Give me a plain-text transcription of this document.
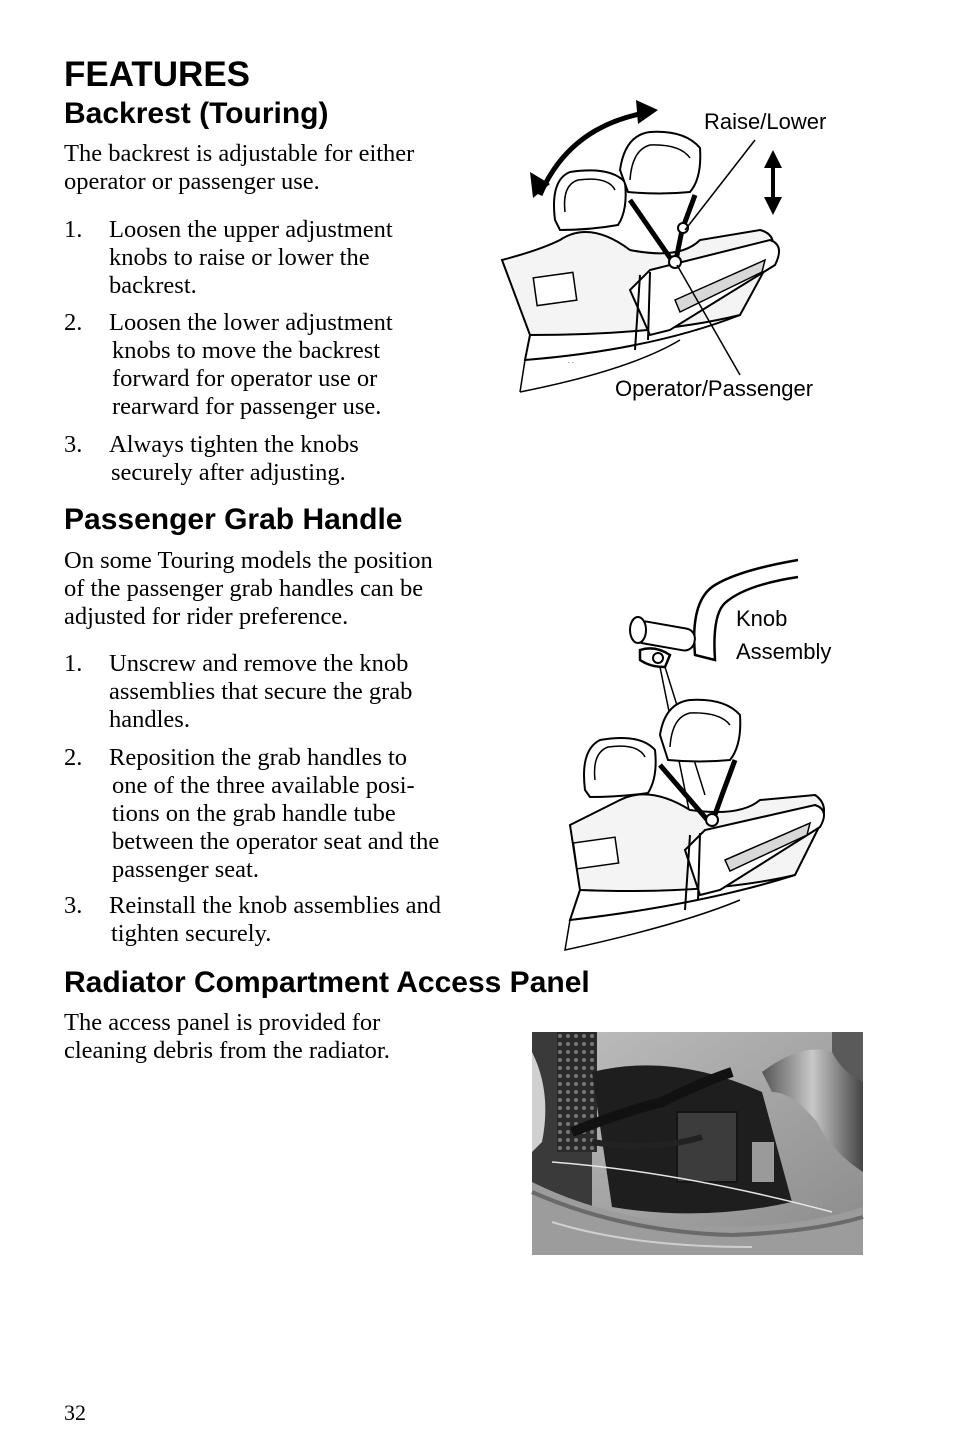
FEATURES
Backrest (Touring)
The backrest is adjustable for either
operator or passenger use.
1. Loosen the upper adjustment
knobs to raise or lower the
backrest.
2. Loosen the lower adjustment
knobs to move the backrest
forward for operator use or
rearward for passenger use.
3. Always tighten the knobs
securely after adjusting.
· ·
Raise/Lower
Operator/Passenger
Passenger Grab Handle
On some Touring models the position
of the passenger grab handles can be
adjusted for rider preference.
1. Unscrew and remove the knob
assemblies that secure the grab
handles.
2. Reposition the grab handles to
one of the three available posi-
tions on the grab handle tube
between the operator seat and the
passenger seat.
3. Reinstall the knob assemblies and
tighten securely.
Knob
Assembly
Radiator Compartment Access Panel
The access panel is provided for
cleaning debris from the radiator.
32
